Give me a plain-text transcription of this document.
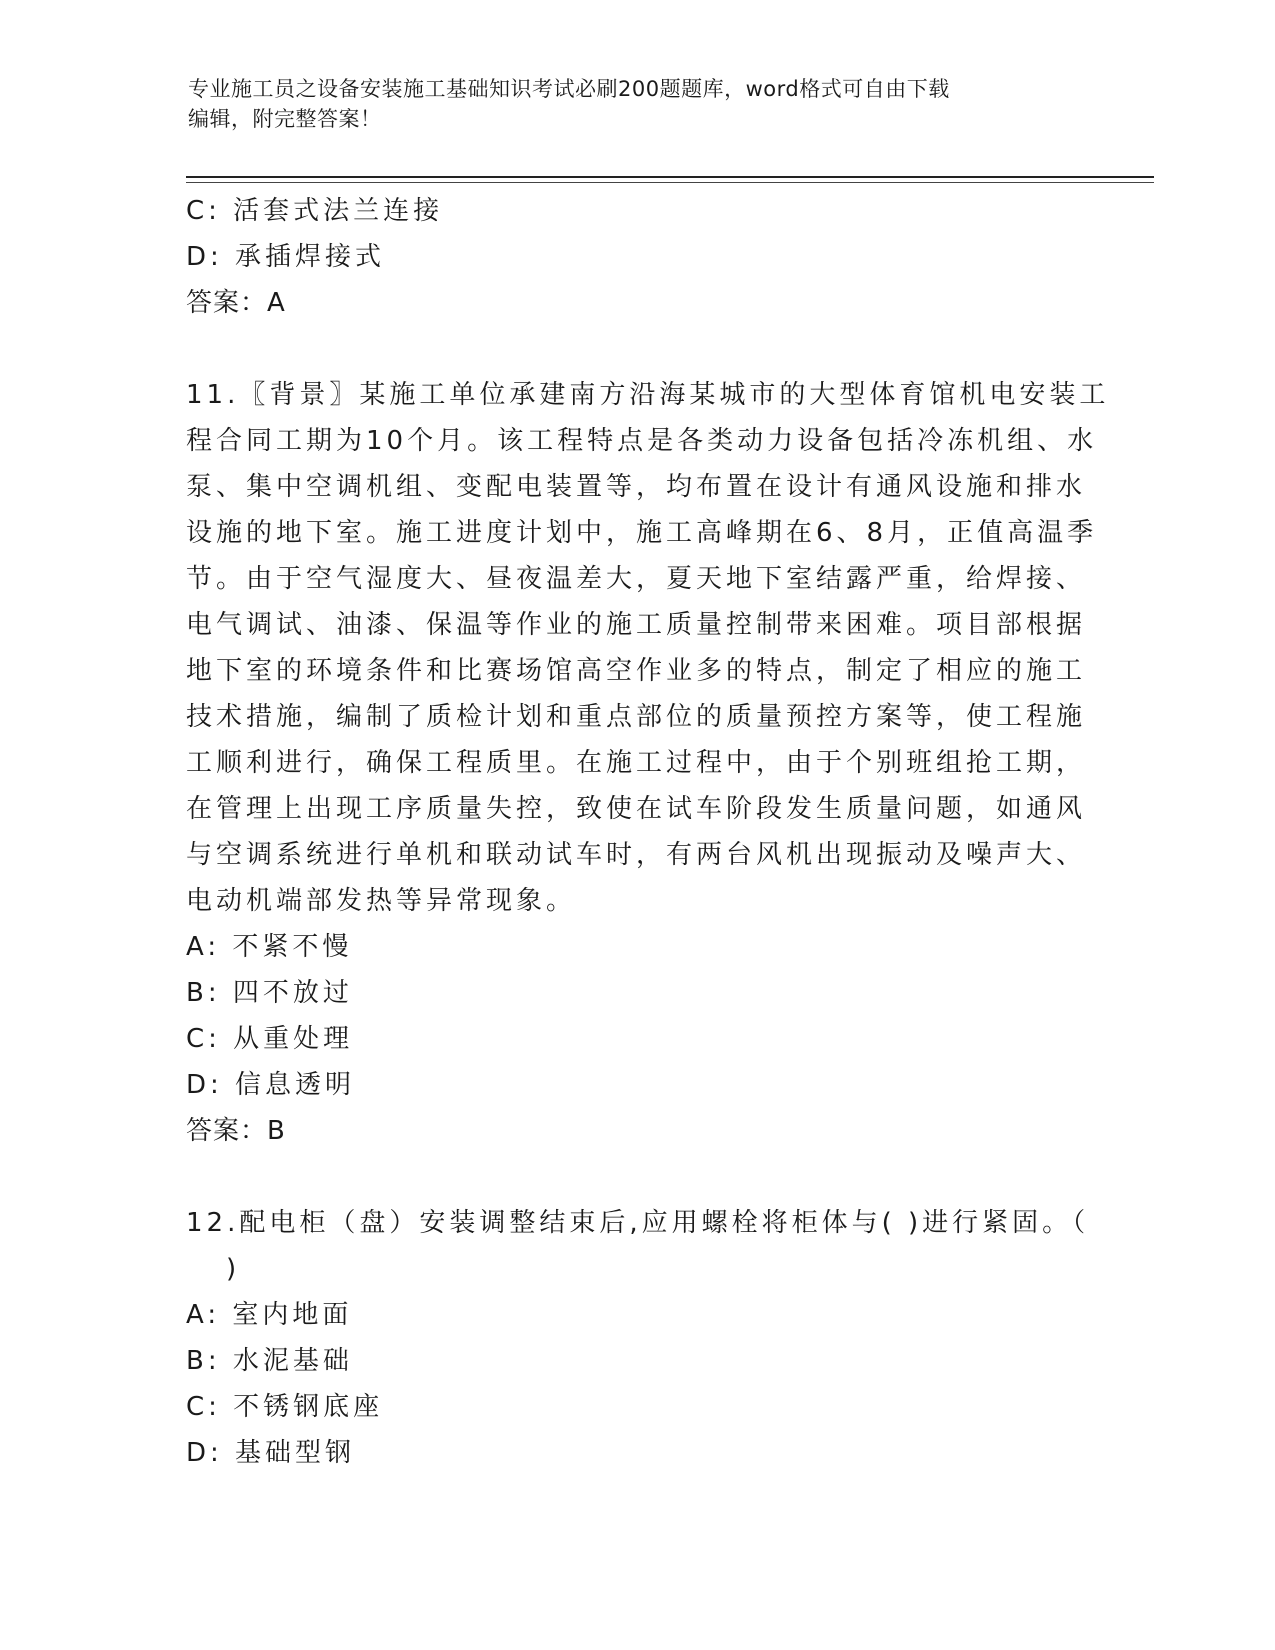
专业施工员之设备安装施工基础知识考试必刷200题题库，word格式可自由下载
编辑，附完整答案！
C: 活套式法兰连接
D: 承插焊接式
答案：A
11.〖背景〗某施工单位承建南方沿海某城市的大型体育馆机电安装工
程合同工期为10个月。该工程特点是各类动力设备包括冷冻机组、水
泵、集中空调机组、变配电装置等，均布置在设计有通风设施和排水
设施的地下室。施工进度计划中，施工高峰期在6、8月，正值高温季
节。由于空气湿度大、昼夜温差大，夏天地下室结露严重，给焊接、
电气调试、油漆、保温等作业的施工质量控制带来困难。项目部根据
地下室的环境条件和比赛场馆高空作业多的特点，制定了相应的施工
技术措施，编制了质检计划和重点部位的质量预控方案等，使工程施
工顺利进行，确保工程质里。在施工过程中，由于个别班组抢工期，
在管理上出现工序质量失控，致使在试车阶段发生质量问题，如通风
与空调系统进行单机和联动试车时，有两台风机出现振动及噪声大、
电动机端部发热等异常现象。
A: 不紧不慢
B: 四不放过
C: 从重处理
D: 信息透明
答案：B
12.配电柜（盘）安装调整结束后,应用螺栓将柜体与( )进行紧固。（
)
A: 室内地面
B: 水泥基础
C: 不锈钢底座
D: 基础型钢
